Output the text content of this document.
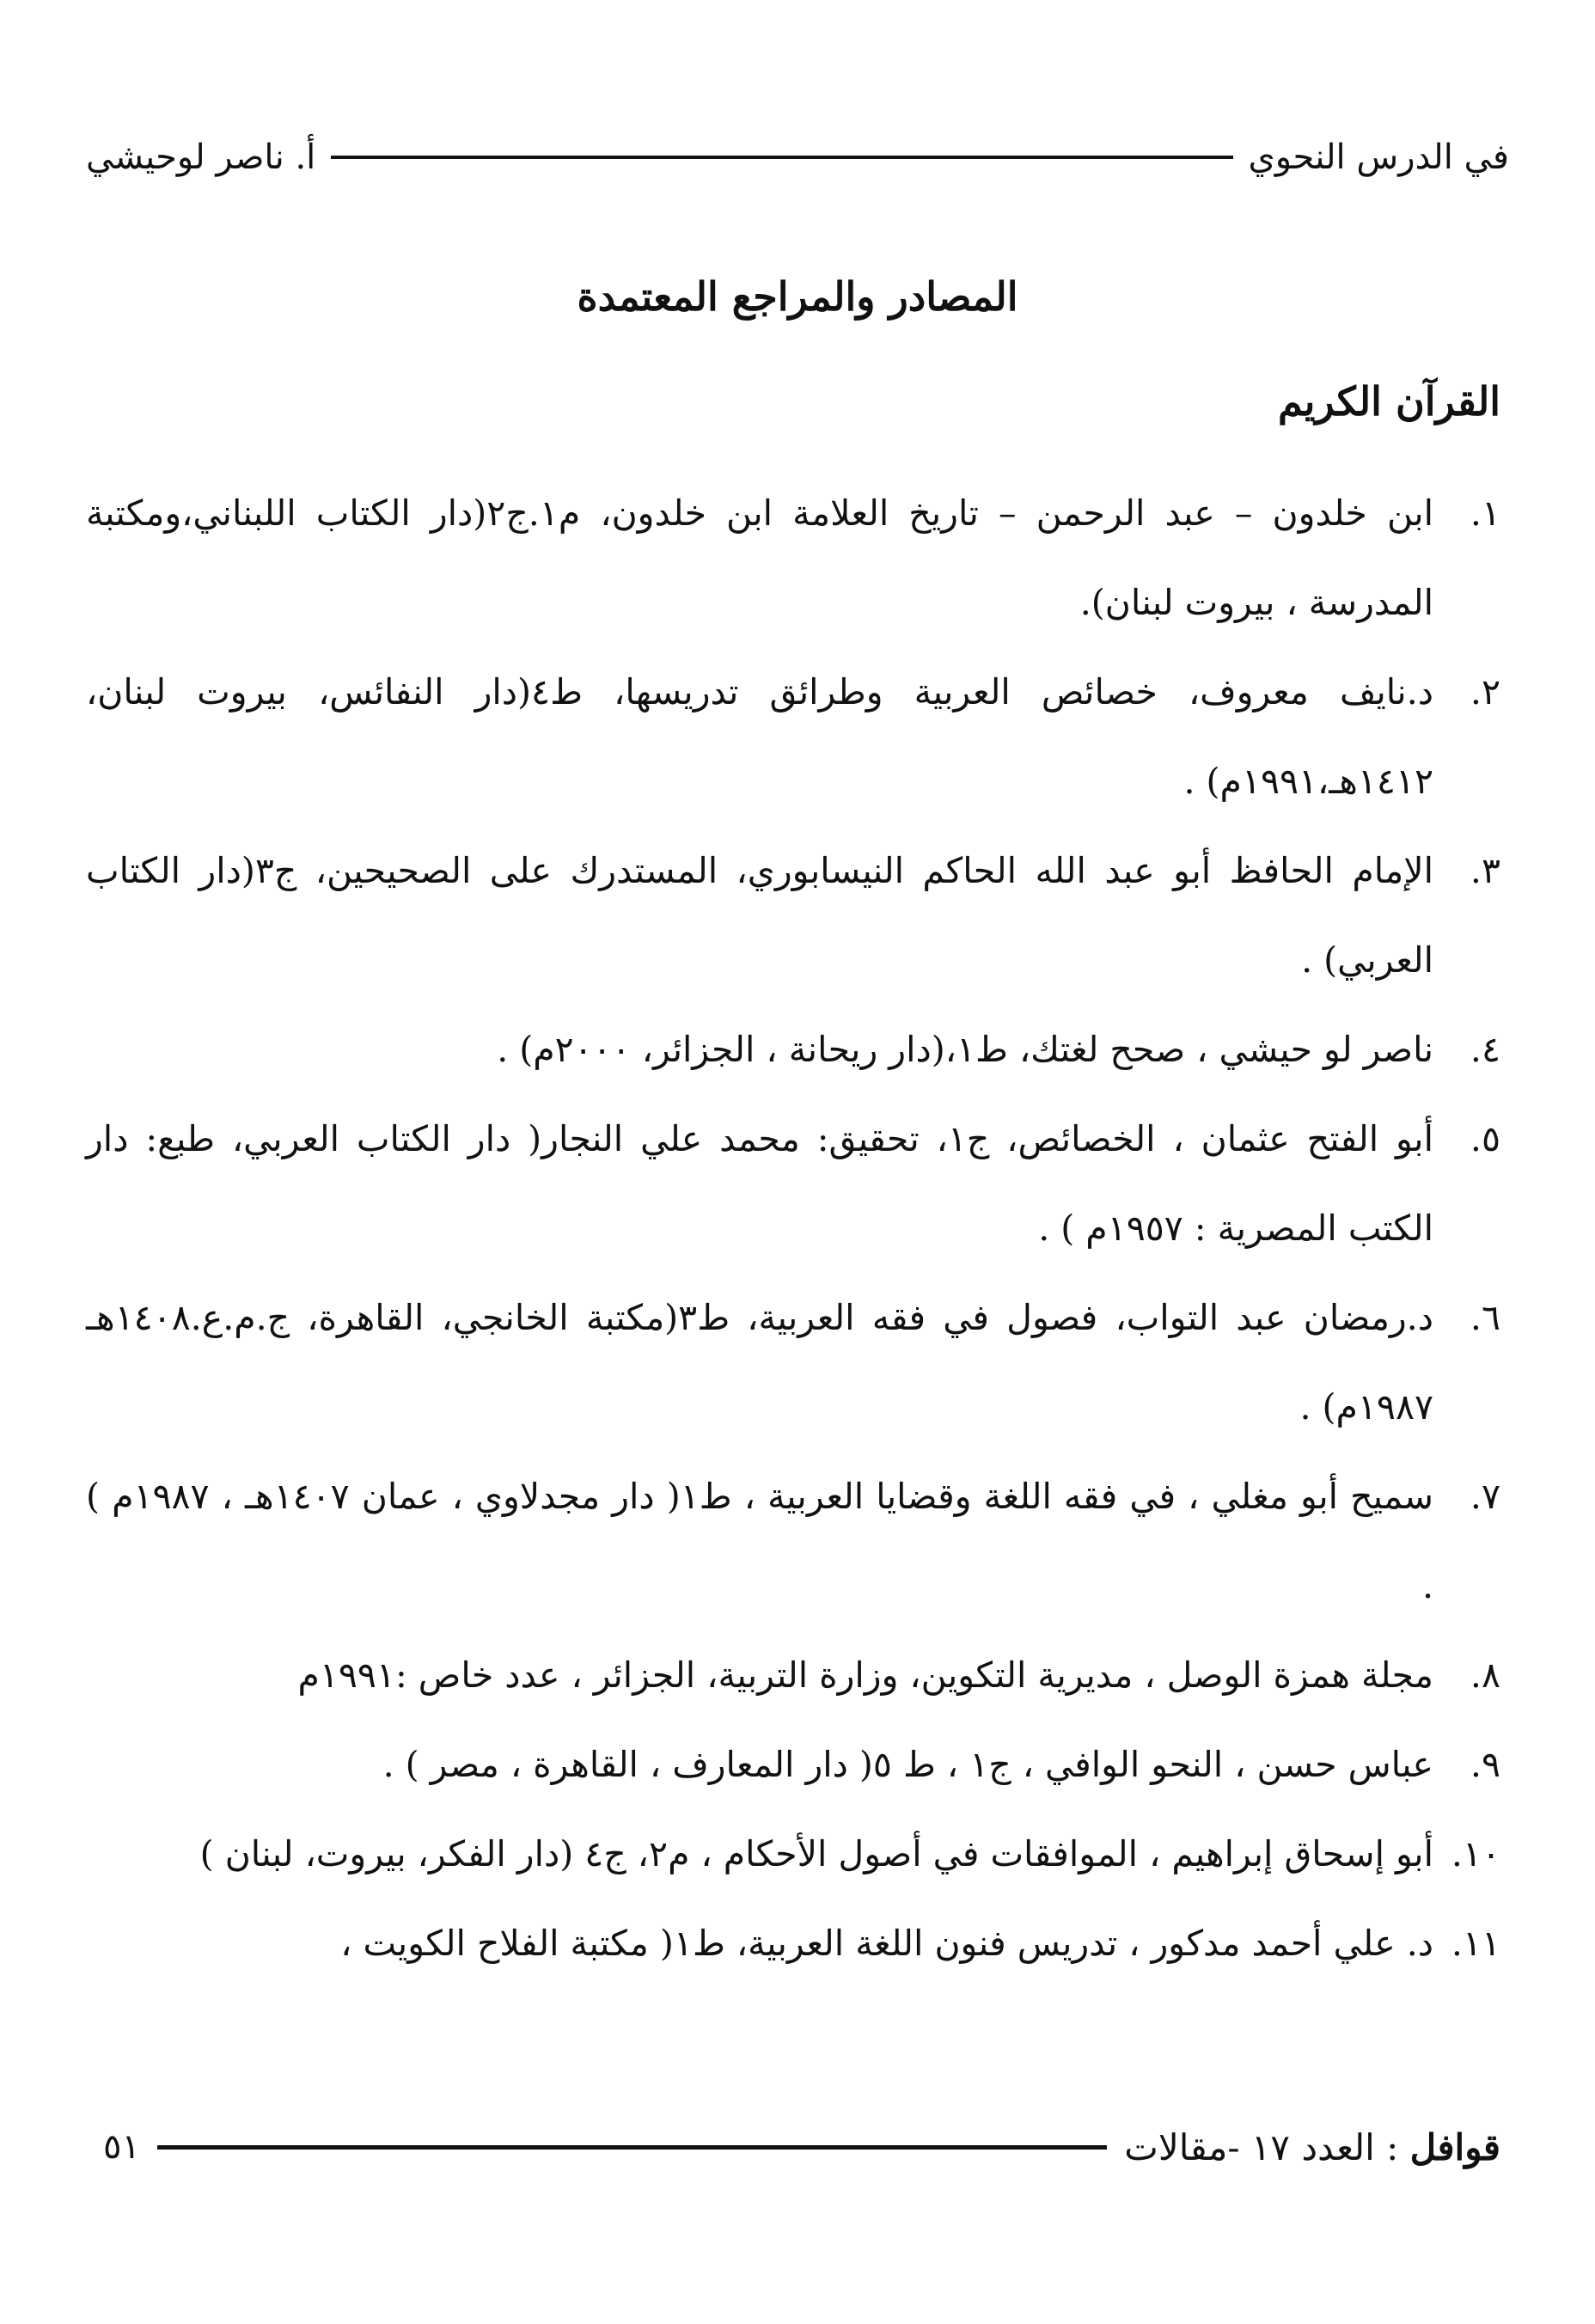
في الدرس النحوي
أ. ناصر لوحيشي
المصادر والمراجع المعتمدة
القرآن الكريم
١.
ابن خلدون – عبد الرحمن – تاريخ العلامة ابن خلدون، م١.ج٢(دار الكتاب اللبناني،ومكتبة المدرسة ، بيروت لبنان).
٢.
د.نايف معروف، خصائص العربية وطرائق تدريسها، ط٤(دار النفائس، بيروت لبنان، ١٤١٢هـ،١٩٩١م) .
٣.
الإمام الحافظ أبو عبد الله الحاكم النيسابوري، المستدرك على الصحيحين، ج٣(دار الكتاب العربي) .
٤.
ناصر لو حيشي ، صحح لغتك، ط١،(دار ريحانة ، الجزائر، ٢٠٠٠م) .
٥.
أبو الفتح عثمان ، الخصائص، ج١، تحقيق: محمد علي النجار( دار الكتاب العربي، طبع: دار الكتب المصرية : ١٩٥٧م ) .
٦.
د.رمضان عبد التواب، فصول في فقه العربية، ط٣(مكتبة الخانجي، القاهرة، ج.م.ع.١٤٠٨هـ ١٩٨٧م) .
٧.
سميح أبو مغلي ، في فقه اللغة وقضايا العربية ، ط١( دار مجدلاوي ، عمان ١٤٠٧هـ ، ١٩٨٧م ) .
٨.
مجلة همزة الوصل ، مديرية التكوين، وزارة التربية، الجزائر ، عدد خاص :١٩٩١م
٩.
عباس حسن ، النحو الوافي ، ج١ ، ط ٥( دار المعارف ، القاهرة ، مصر ) .
١٠.
أبو إسحاق إبراهيم ، الموافقات في أصول الأحكام ، م٢، ج٤ (دار الفكر، بيروت، لبنان )
١١.
د. علي أحمد مدكور ، تدريس فنون اللغة العربية، ط١( مكتبة الفلاح الكويت ،
قوافل : العدد ١٧ -مقالات
٥١
